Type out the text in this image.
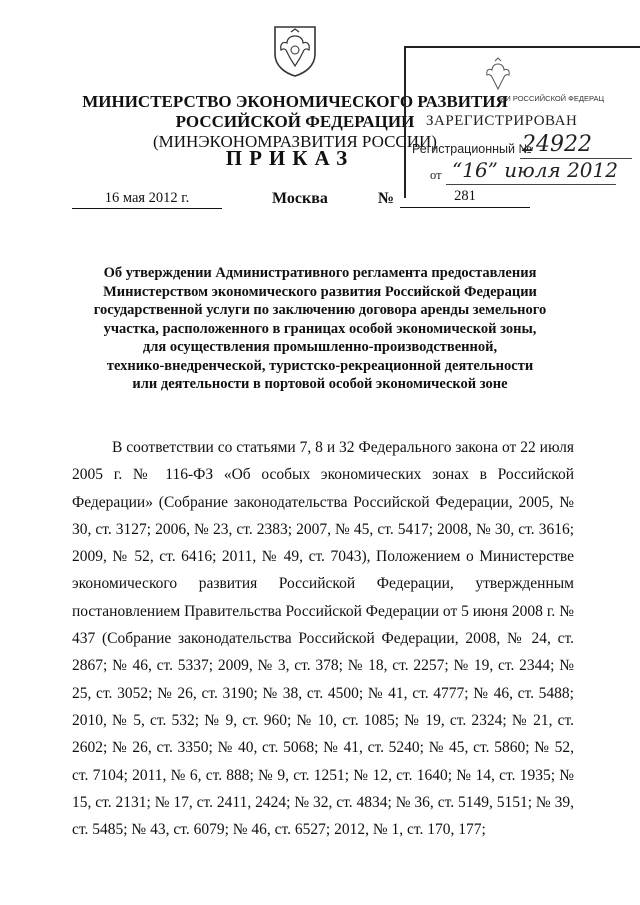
МИНИСТЕРСТВО ЭКОНОМИЧЕСКОГО РАЗВИТИЯ
РОССИЙСКОЙ ФЕДЕРАЦИИ
(МИНЭКОНОМРАЗВИТИЯ РОССИИ)
ПРИКАЗ
16 мая 2012 г.	Москва	№	281
ИИ РОССИЙСКОЙ ФЕДЕРАЦ
ЗАРЕГИСТРИРОВАН
Регистрационный №
24922
от “16” июля 2012
Об утверждении Административного регламента предоставления
Министерством экономического развития Российской Федерации
государственной услуги по заключению договора аренды земельного
участка, расположенного в границах особой экономической зоны,
для осуществления промышленно-производственной,
технико-внедренческой, туристско-рекреационной деятельности
или деятельности в портовой особой экономической зоне
В соответствии со статьями 7, 8 и 32 Федерального закона от 22 июля 2005 г. № 116-ФЗ «Об особых экономических зонах в Российской Федерации» (Собрание законодательства Российской Федерации, 2005, № 30, ст. 3127; 2006, № 23, ст. 2383; 2007, № 45, ст. 5417; 2008, № 30, ст. 3616; 2009, № 52, ст. 6416; 2011, № 49, ст. 7043), Положением о Министерстве экономического развития Российской Федерации, утвержденным постановлением Правительства Российской Федерации от 5 июня 2008 г. № 437 (Собрание законодательства Российской Федерации, 2008, № 24, ст. 2867; № 46, ст. 5337; 2009, № 3, ст. 378; № 18, ст. 2257; № 19, ст. 2344; № 25, ст. 3052; № 26, ст. 3190; № 38, ст. 4500; № 41, ст. 4777; № 46, ст. 5488; 2010, № 5, ст. 532; № 9, ст. 960; № 10, ст. 1085; № 19, ст. 2324; № 21, ст. 2602; № 26, ст. 3350; № 40, ст. 5068; № 41, ст. 5240; № 45, ст. 5860; № 52, ст. 7104; 2011, № 6, ст. 888; № 9, ст. 1251; № 12, ст. 1640; № 14, ст. 1935; № 15, ст. 2131; № 17, ст. 2411, 2424; № 32, ст. 4834; № 36, ст. 5149, 5151; № 39, ст. 5485; № 43, ст. 6079; № 46, ст. 6527; 2012, № 1, ст. 170, 177;
